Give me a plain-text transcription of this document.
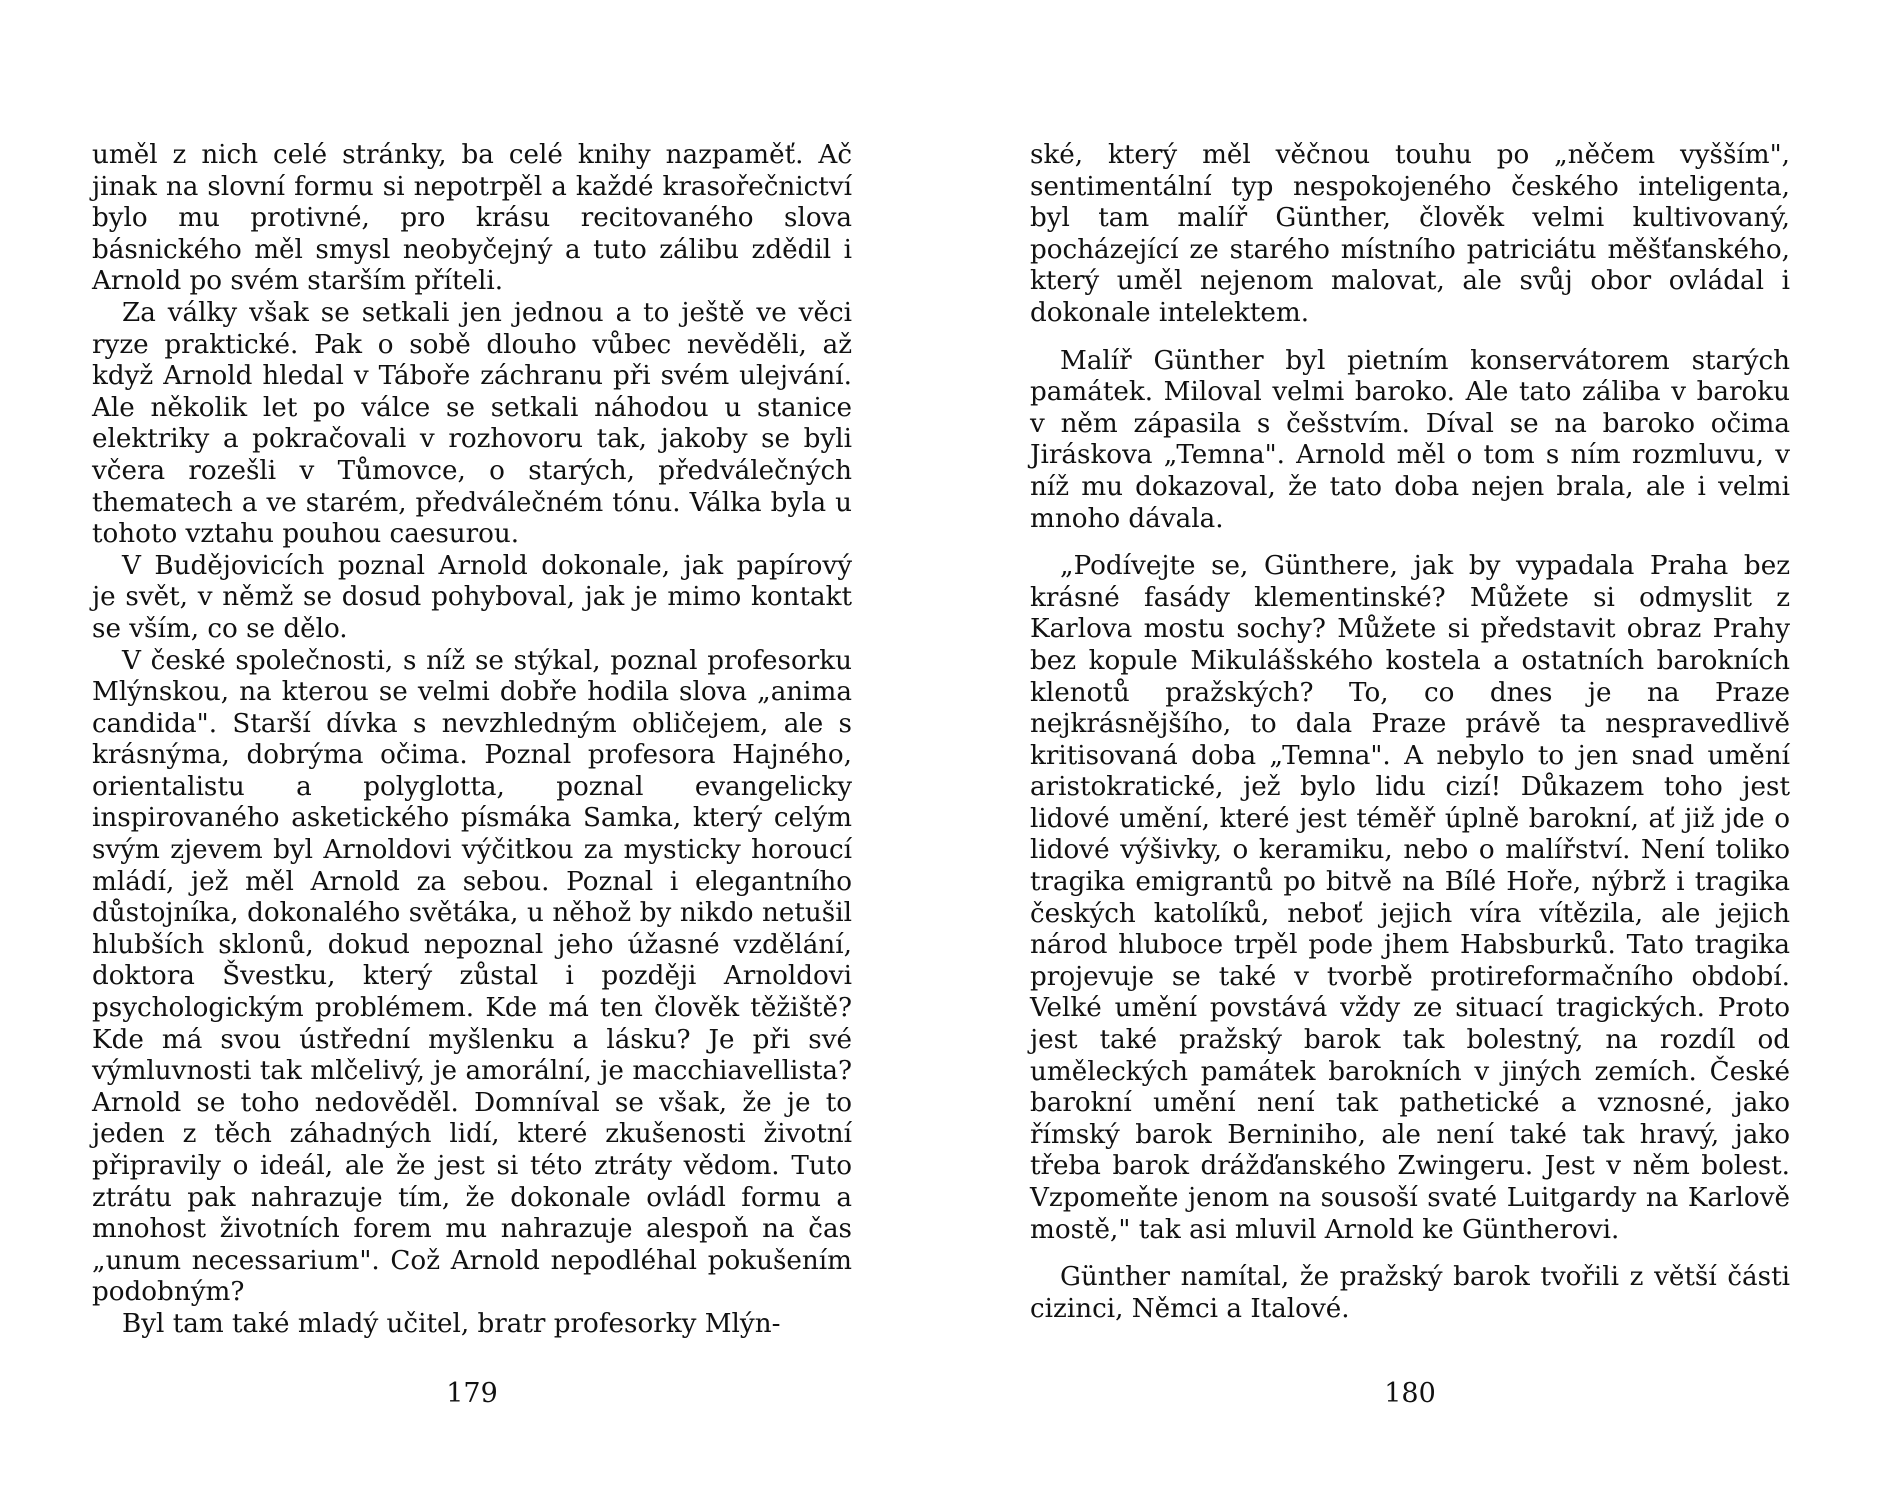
uměl z nich celé stránky, ba celé knihy nazpaměť. Ač jinak na slovní formu si nepotrpěl a každé krasořečnictví bylo mu protivné, pro krásu recitovaného slova básnického měl smysl neobyčejný a tuto zálibu zdědil i Arnold po svém starším příteli.

Za války však se setkali jen jednou a to ještě ve věci ryze praktické. Pak o sobě dlouho vůbec nevěděli, až když Arnold hledal v Táboře záchranu při svém ulejvání. Ale několik let po válce se setkali náhodou u stanice elektriky a pokračovali v rozhovoru tak, jakoby se byli včera rozešli v Tůmovce, o starých, předválečných thematech a ve starém, předválečném tónu. Válka byla u tohoto vztahu pouhou caesurou.

V Budějovicích poznal Arnold dokonale, jak papírový je svět, v němž se dosud pohyboval, jak je mimo kontakt se vším, co se dělo.

V české společnosti, s níž se stýkal, poznal profesorku Mlýnskou, na kterou se velmi dobře hodila slova „anima candida". Starší dívka s nevzhledným obličejem, ale s krásnýma, dobrýma očima. Poznal profesora Hajného, orientalistu a polyglotta, poznal evangelicky inspirovaného asketického písmáka Samka, který celým svým zjevem byl Arnoldovi výčitkou za mysticky horoucí mládí, jež měl Arnold za sebou. Poznal i elegantního důstojníka, dokonalého světáka, u něhož by nikdo netušil hlubších sklonů, dokud nepoznal jeho úžasné vzdělání, doktora Švestku, který zůstal i později Arnoldovi psychologickým problémem. Kde má ten člověk těžiště? Kde má svou ústřední myšlenku a lásku? Je při své výmluvnosti tak mlčelivý, je amorální, je macchiavellista? Arnold se toho nedověděl. Domníval se však, že je to jeden z těch záhadných lidí, které zkušenosti životní připravily o ideál, ale že jest si této ztráty vědom. Tuto ztrátu pak nahrazuje tím, že dokonale ovládl formu a mnohost životních forem mu nahrazuje alespoň na čas „unum necessarium". Což Arnold nepodléhal pokušením podobným?

Byl tam také mladý učitel, bratr profesorky Mlýn-

179

ské, který měl věčnou touhu po „něčem vyšším", sentimentální typ nespokojeného českého inteligenta, byl tam malíř Günther, člověk velmi kultivovaný, pocházející ze starého místního patriciátu měšťanského, který uměl nejenom malovat, ale svůj obor ovládal i dokonale intelektem.

Malíř Günther byl pietním konservátorem starých památek. Miloval velmi baroko. Ale tato záliba v baroku v něm zápasila s češstvím. Díval se na baroko očima Jiráskova „Temna". Arnold měl o tom s ním rozmluvu, v níž mu dokazoval, že tato doba nejen brala, ale i velmi mnoho dávala.

„Podívejte se, Günthere, jak by vypadala Praha bez krásné fasády klementinské? Můžete si odmyslit z Karlova mostu sochy? Můžete si představit obraz Prahy bez kopule Mikulášského kostela a ostatních barokních klenotů pražských? To, co dnes je na Praze nejkrásnějšího, to dala Praze právě ta nespravedlivě kritisovaná doba „Temna". A nebylo to jen snad umění aristokratické, jež bylo lidu cizí! Důkazem toho jest lidové umění, které jest téměř úplně barokní, ať již jde o lidové výšivky, o keramiku, nebo o malířství. Není toliko tragika emigrantů po bitvě na Bílé Hoře, nýbrž i tragika českých katolíků, neboť jejich víra vítězila, ale jejich národ hluboce trpěl pode jhem Habsburků. Tato tragika projevuje se také v tvorbě protireformačního období. Velké umění povstává vždy ze situací tragických. Proto jest také pražský barok tak bolestný, na rozdíl od uměleckých památek barokních v jiných zemích. České barokní umění není tak pathetické a vznosné, jako římský barok Berniniho, ale není také tak hravý, jako třeba barok drážďanského Zwingeru. Jest v něm bolest. Vzpomeňte jenom na sousoší svaté Luitgardy na Karlově mostě," tak asi mluvil Arnold ke Güntherovi.

Günther namítal, že pražský barok tvořili z větší části cizinci, Němci a Italové.

180
